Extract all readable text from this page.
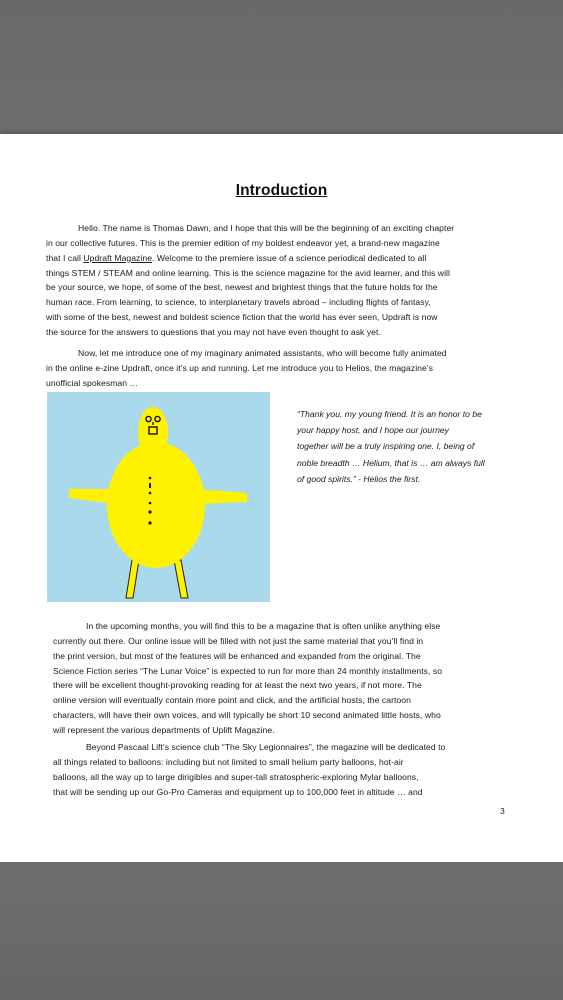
Introduction

Hello. The name is Thomas Dawn, and I hope that this will be the beginning of an exciting chapter
in our collective futures. This is the premier edition of my boldest endeavor yet, a brand-new magazine
that I call Updraft Magazine. Welcome to the premiere issue of a science periodical dedicated to all
things STEM / STEAM and online learning. This is the science magazine for the avid learner, and this will
be your source, we hope, of some of the best, newest and brightest things that the future holds for the
human race. From learning, to science, to interplanetary travels abroad – including flights of fantasy,
with some of the best, newest and boldest science fiction that the world has ever seen, Updraft is now
the source for the answers to questions that you may not have even thought to ask yet.

Now, let me introduce one of my imaginary animated assistants, who will become fully animated
in the online e-zine Updraft, once it’s up and running. Let me introduce you to Helios, the magazine’s
unofficial spokesman …

“Thank you, my young friend. It is an honor to be
your happy host, and I hope our journey
together will be a truly inspiring one. I, being of
noble breadth … Helium, that is … am always full
of good spirits.” - Helios the first.

In the upcoming months, you will find this to be a magazine that is often unlike anything else
currently out there. Our online issue will be filled with not just the same material that you’ll find in
the print version, but most of the features will be enhanced and expanded from the original. The
Science Fiction series “The Lunar Voice” is expected to run for more than 24 monthly installments, so
there will be excellent thought-provoking reading for at least the next two years, if not more. The
online version will eventually contain more point and click, and the artificial hosts, the cartoon
characters, will have their own voices, and will typically be short 10 second animated little hosts, who
will represent the various departments of Uplift Magazine.

Beyond Pascaal Lift’s science club “The Sky Legionnaires”, the magazine will be dedicated to
all things related to balloons: including but not limited to small helium party balloons, hot-air
balloons, all the way up to large dirigibles and super-tall stratospheric-exploring Mylar balloons,
that will be sending up our Go-Pro Cameras and equipment up to 100,000 feet in altitude … and

3
